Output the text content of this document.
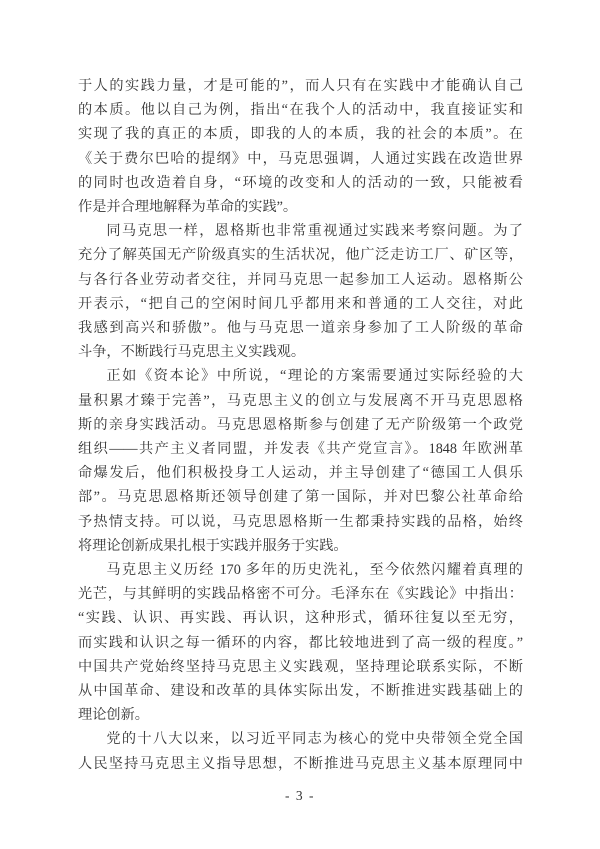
于人的实践力量，才是可能的”，而人只有在实践中才能确认自己
的本质。他以自己为例，指出“在我个人的活动中，我直接证实和
实现了我的真正的本质，即我的人的本质，我的社会的本质”。在
《关于费尔巴哈的提纲》中，马克思强调，人通过实践在改造世界
的同时也改造着自身，“环境的改变和人的活动的一致，只能被看
作是并合理地解释为革命的实践”。
同马克思一样，恩格斯也非常重视通过实践来考察问题。为了
充分了解英国无产阶级真实的生活状况，他广泛走访工厂、矿区等，
与各行各业劳动者交往，并同马克思一起参加工人运动。恩格斯公
开表示，“把自己的空闲时间几乎都用来和普通的工人交往，对此
我感到高兴和骄傲”。他与马克思一道亲身参加了工人阶级的革命
斗争，不断践行马克思主义实践观。
正如《资本论》中所说，“理论的方案需要通过实际经验的大
量积累才臻于完善”，马克思主义的创立与发展离不开马克思恩格
斯的亲身实践活动。马克思恩格斯参与创建了无产阶级第一个政党
组织——共产主义者同盟，并发表《共产党宣言》。1848 年欧洲革
命爆发后，他们积极投身工人运动，并主导创建了“德国工人俱乐
部”。马克思恩格斯还领导创建了第一国际，并对巴黎公社革命给
予热情支持。可以说，马克思恩格斯一生都秉持实践的品格，始终
将理论创新成果扎根于实践并服务于实践。
马克思主义历经 170 多年的历史洗礼，至今依然闪耀着真理的
光芒，与其鲜明的实践品格密不可分。毛泽东在《实践论》中指出：
“实践、认识、再实践、再认识，这种形式，循环往复以至无穷，
而实践和认识之每一循环的内容，都比较地进到了高一级的程度。”
中国共产党始终坚持马克思主义实践观，坚持理论联系实际，不断
从中国革命、建设和改革的具体实际出发，不断推进实践基础上的
理论创新。
党的十八大以来，以习近平同志为核心的党中央带领全党全国
人民坚持马克思主义指导思想，不断推进马克思主义基本原理同中
- 3 -
